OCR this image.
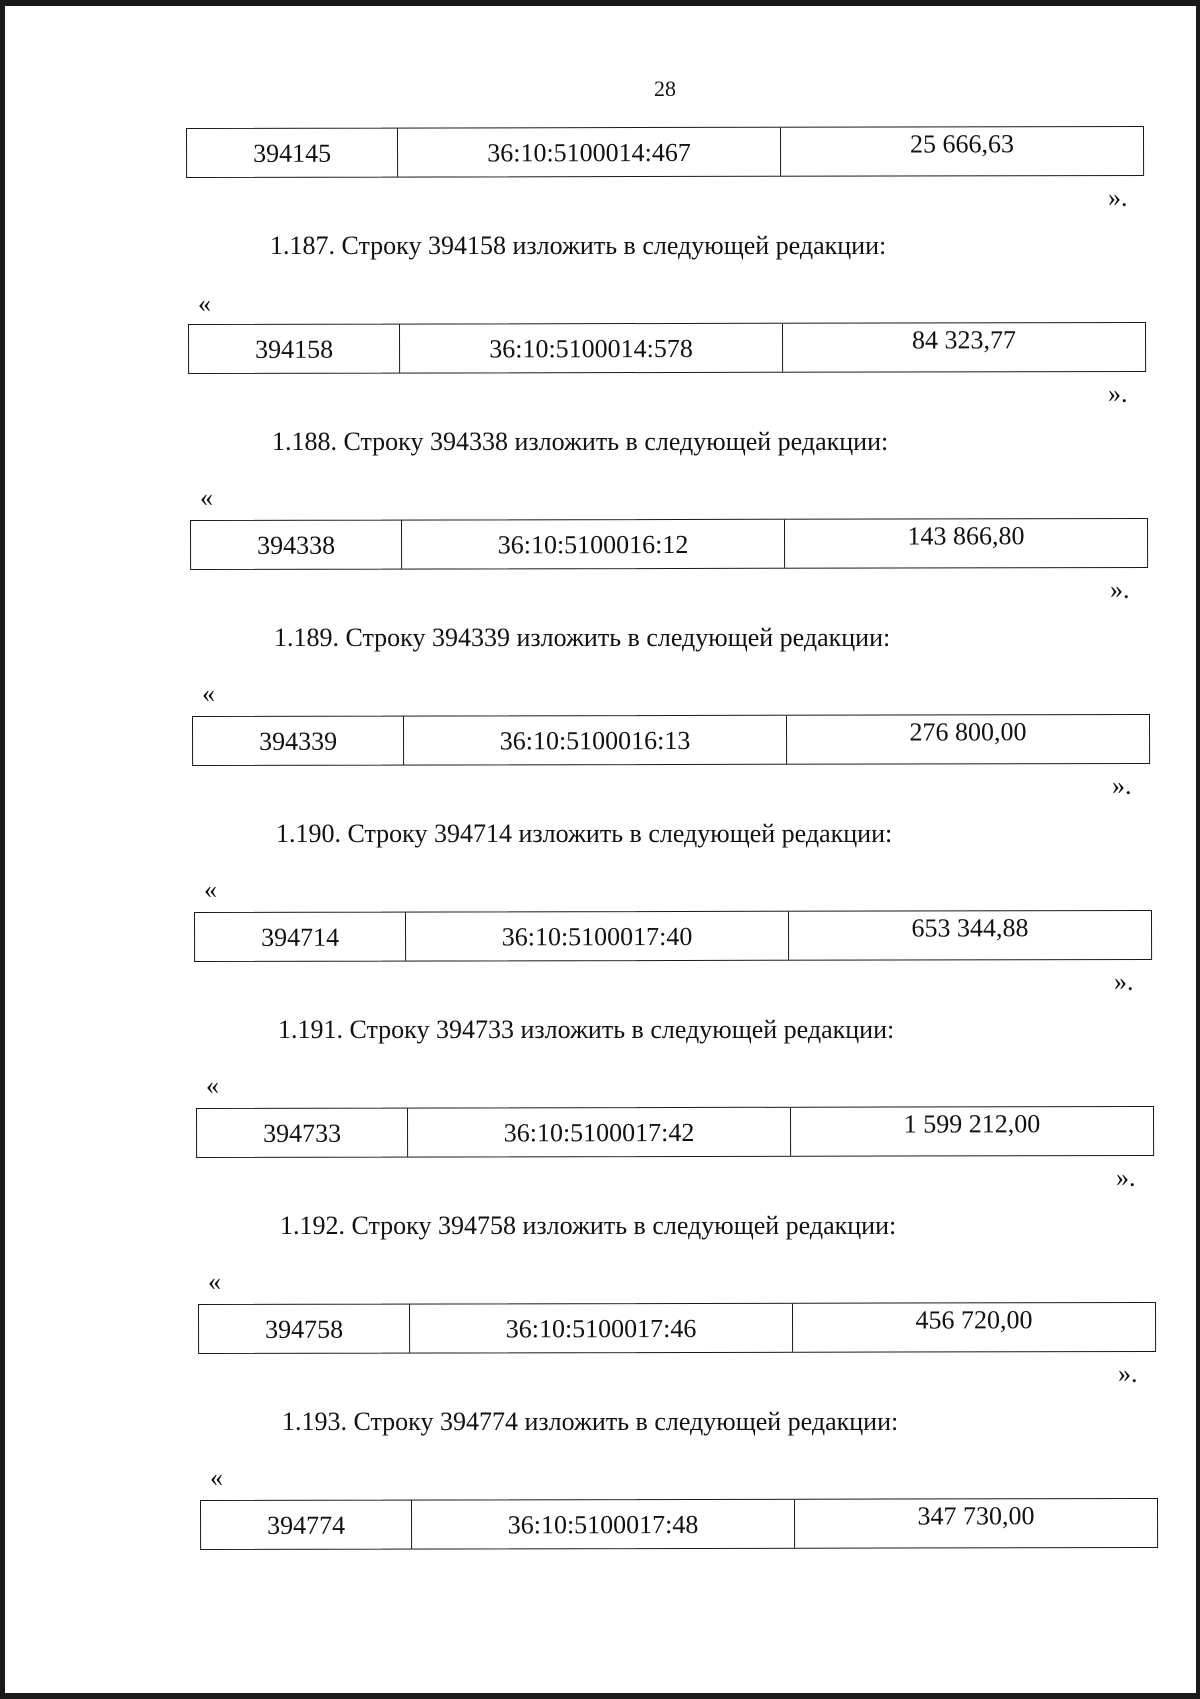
28
394145	36:10:5100014:467	25 666,63
».
1.187. Строку 394158 изложить в следующей редакции:
«
394158	36:10:5100014:578	84 323,77
».
1.188. Строку 394338 изложить в следующей редакции:
«
394338	36:10:5100016:12	143 866,80
».
1.189. Строку 394339 изложить в следующей редакции:
«
394339	36:10:5100016:13	276 800,00
».
1.190. Строку 394714 изложить в следующей редакции:
«
394714	36:10:5100017:40	653 344,88
».
1.191. Строку 394733 изложить в следующей редакции:
«
394733	36:10:5100017:42	1 599 212,00
».
1.192. Строку 394758 изложить в следующей редакции:
«
394758	36:10:5100017:46	456 720,00
».
1.193. Строку 394774 изложить в следующей редакции:
«
394774	36:10:5100017:48	347 730,00
